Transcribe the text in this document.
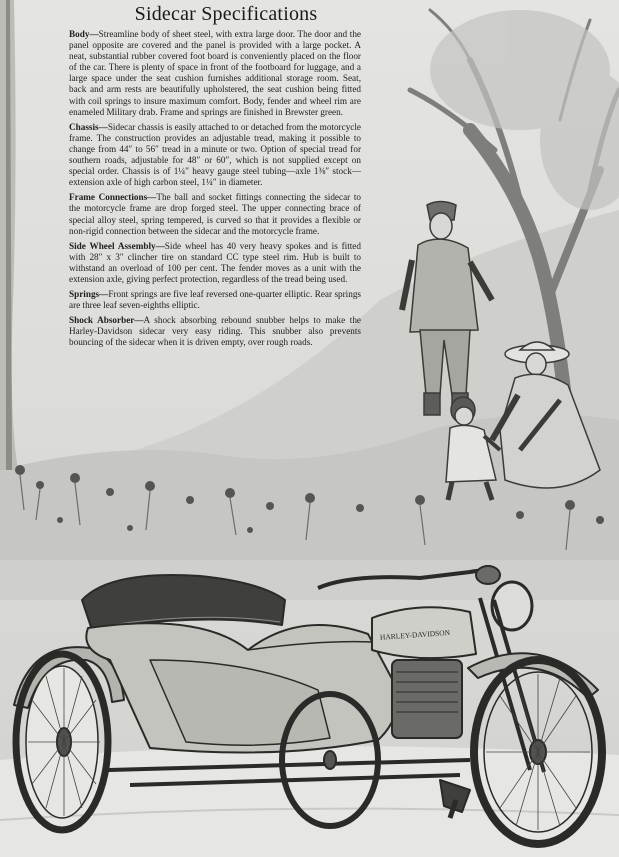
HARLEY-DAVIDSON
Sidecar Specifications

Body—Streamline body of sheet steel, with extra large door. The door and the panel opposite are covered and the panel is provided with a large pocket. A neat, substantial rubber covered foot board is conveniently placed on the floor of the car. There is plenty of space in front of the footboard for luggage, and a large space under the seat cushion furnishes additional storage room. Seat, back and arm rests are beautifully upholstered, the seat cushion being fitted with coil springs to insure maximum comfort. Body, fender and wheel rim are enameled Military drab. Frame and springs are finished in Brewster green.

Chassis—Sidecar chassis is easily attached to or detached from the motorcycle frame. The construction provides an adjustable tread, making it possible to change from 44″ to 56″ tread in a minute or two. Option of special tread for southern roads, adjustable for 48″ or 60″, which is not supplied except on special order. Chassis is of 1¼″ heavy gauge steel tubing—axle 1⅜″ stock—extension axle of high carbon steel, 1¼″ in diameter.

Frame Connections—The ball and socket fittings connecting the sidecar to the motorcycle frame are drop forged steel. The upper connecting brace of special alloy steel, spring tempered, is curved so that it provides a flexible or non-rigid connection between the sidecar and the motorcycle frame.

Side Wheel Assembly—Side wheel has 40 very heavy spokes and is fitted with 28″ x 3″ clincher tire on standard CC type steel rim. Hub is built to withstand an overload of 100 per cent. The fender moves as a unit with the extension axle, giving perfect protection, regardless of the tread being used.

Springs—Front springs are five leaf reversed one-quarter elliptic. Rear springs are three leaf seven-eighths elliptic.

Shock Absorber—A shock absorbing rebound snubber helps to make the Harley-Davidson sidecar very easy riding. This snubber also prevents bouncing of the sidecar when it is driven empty, over rough roads.
